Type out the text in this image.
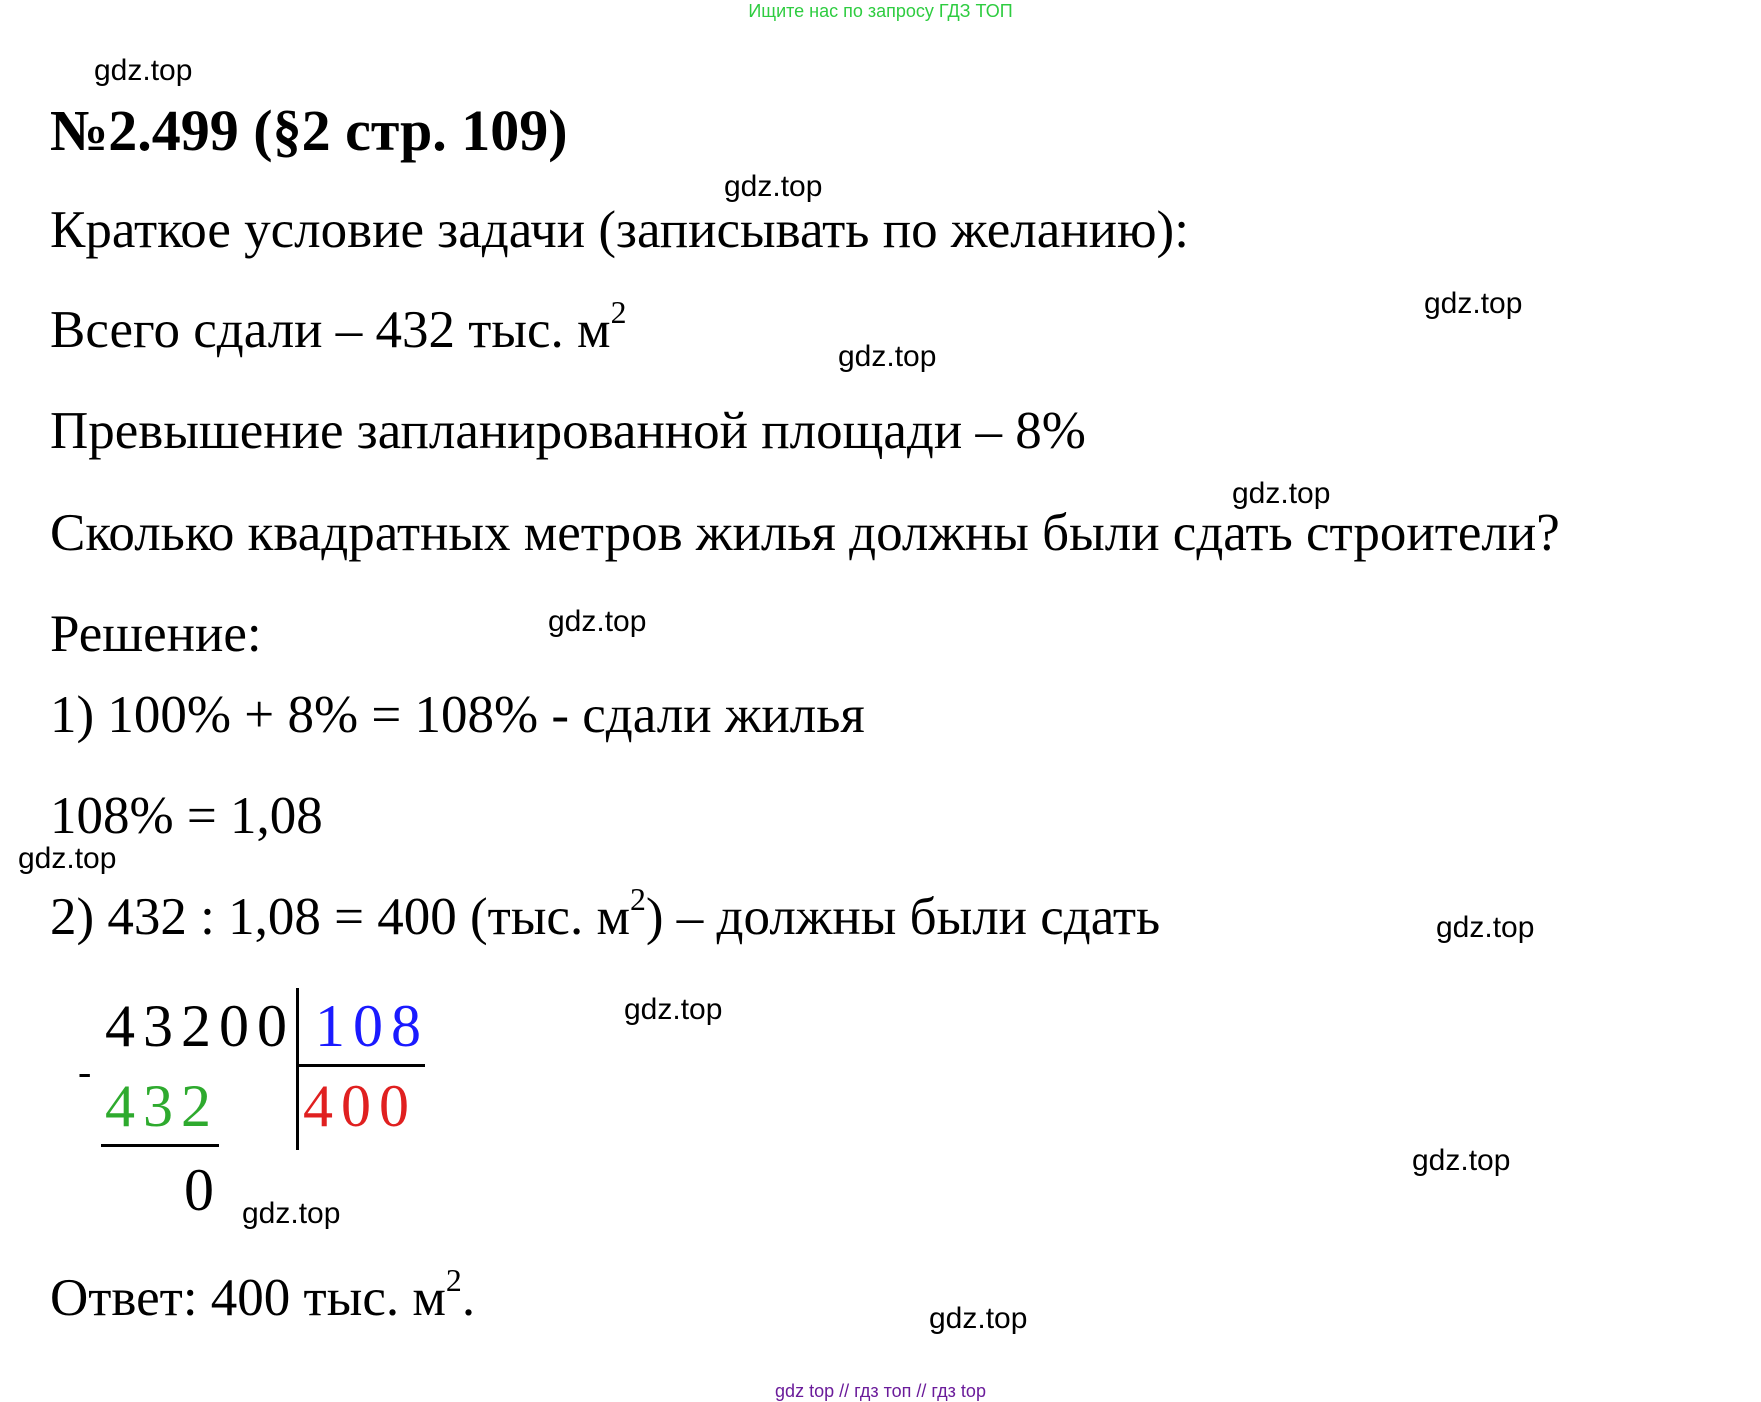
Ищите нас по запросу ГДЗ ТОП
№2.499 (§2 стр. 109)
Краткое условие задачи (записывать по желанию):
Всего сдали – 432 тыс. $м^2$
Превышение запланированной площади – 8%
Сколько квадратных метров жилья должны были сдать строители?
Решение:
1) 100% + 8% = 108% - сдали жилья
108% = 1,08
2) 432 : 1,08 = 400 (тыс. $м^2$) – должны были сдать
43200 108
-
432 400
0
Ответ: 400 тыс. $м^2$.
gdz.top
gdz.top
gdz.top
gdz.top
gdz.top
gdz.top
gdz.top
gdz.top
gdz.top
gdz.top
gdz.top
gdz.top
gdz top // гдз топ // гдз top
